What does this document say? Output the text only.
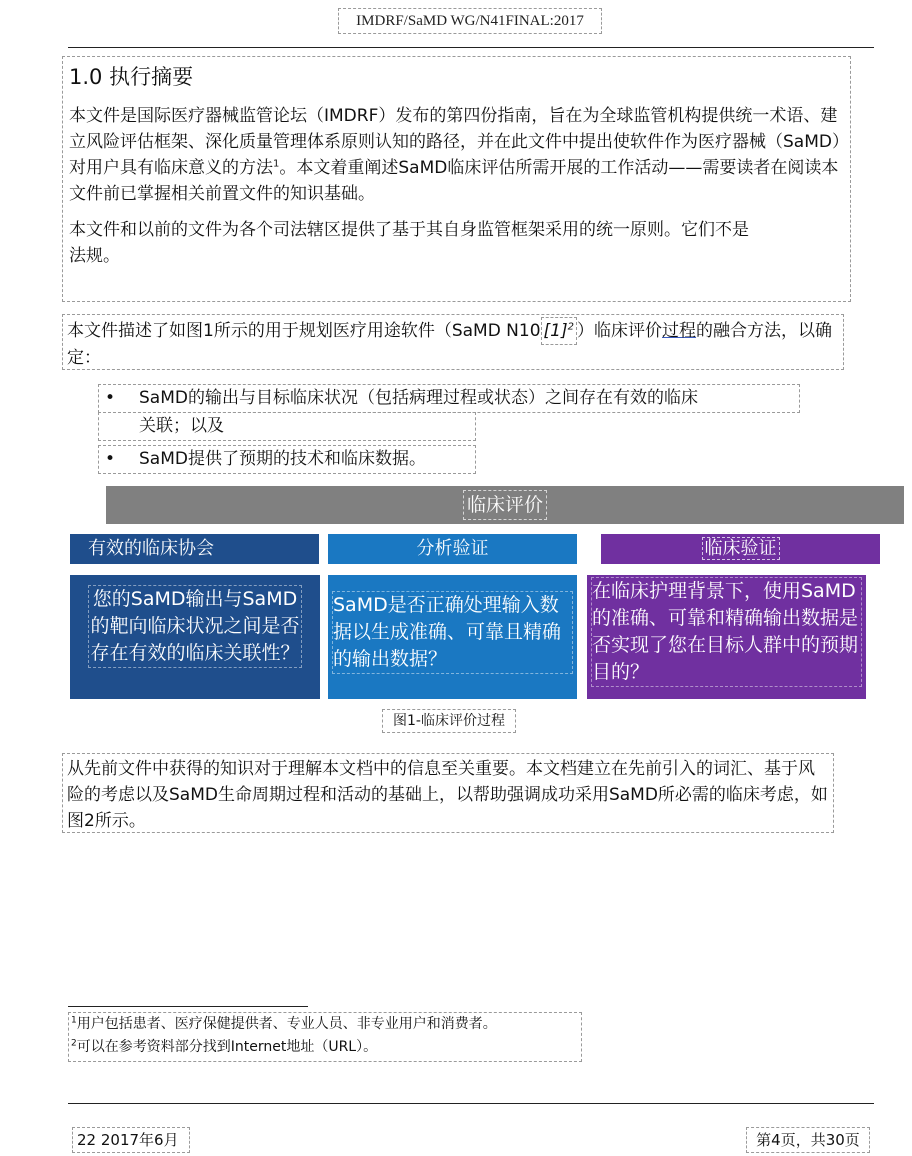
IMDRF/SaMD WG/N41FINAL:2017
1.0 执行摘要

本文件是国际医疗器械监管论坛（IMDRF）发布的第四份指南，旨在为全球监管机构提供统一术语、建立风险评估框架、深化质量管理体系原则认知的路径，并在此文件中提出使软件作为医疗器械（SaMD）对用户具有临床意义的方法$^1$。本文着重阐述SaMD临床评估所需开展的工作活动——需要读者在阅读本文件前已掌握相关前置文件的知识基础。

本文件和以前的文件为各个司法辖区提供了基于其自身监管框架采用的统一原则。它们不是法规。

本文件描述了如图1所示的用于规划医疗用途软件（SaMD N10 $[1]^2$ ）临床评价过程的融合方法，以确定：
•	SaMD的输出与目标临床状况（包括病理过程或状态）之间存在有效的临床
关联；以及
•	SaMD提供了预期的技术和临床数据。
临床评价
有效的临床协会	分析验证	临床验证
您的SaMD输出与SaMD的靶向临床状况之间是否存在有效的临床关联性？
SaMD是否正确处理输入数据以生成准确、可靠且精确的输出数据？
在临床护理背景下，使用SaMD的准确、可靠和精确输出数据是否实现了您在目标人群中的预期目的？
图1-临床评价过程
从先前文件中获得的知识对于理解本文档中的信息至关重要。本文档建立在先前引入的词汇、基于风险的考虑以及SaMD生命周期过程和活动的基础上，以帮助强调成功采用SaMD所必需的临床考虑，如图2所示。
$^1$用户包括患者、医疗保健提供者、专业人员、非专业用户和消费者。
$^2$可以在参考资料部分找到Internet地址（URL）。
22 2017年6月	第4页，共30页
